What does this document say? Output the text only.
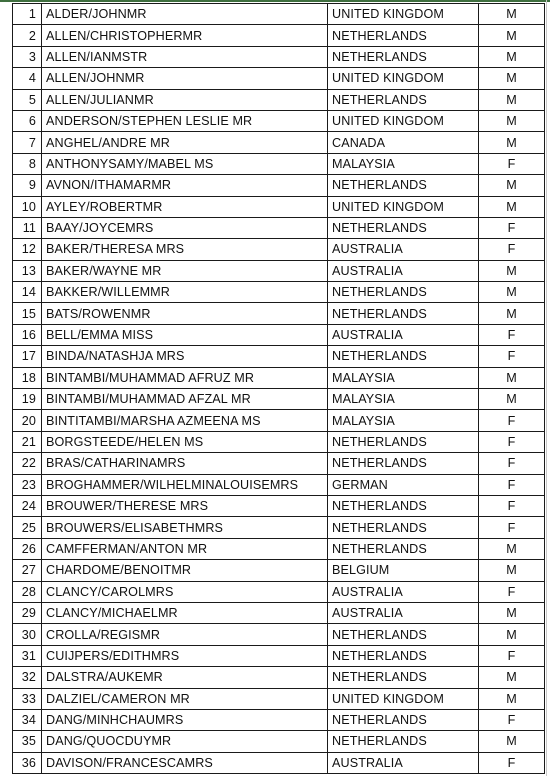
1	ALDER/JOHNMR	UNITED KINGDOM	M
2	ALLEN/CHRISTOPHERMR	NETHERLANDS	M
3	ALLEN/IANMSTR	NETHERLANDS	M
4	ALLEN/JOHNMR	UNITED KINGDOM	M
5	ALLEN/JULIANMR	NETHERLANDS	M
6	ANDERSON/STEPHEN LESLIE MR	UNITED KINGDOM	M
7	ANGHEL/ANDRE MR	CANADA	M
8	ANTHONYSAMY/MABEL MS	MALAYSIA	F
9	AVNON/ITHAMARMR	NETHERLANDS	M
10	AYLEY/ROBERTMR	UNITED KINGDOM	M
11	BAAY/JOYCEMRS	NETHERLANDS	F
12	BAKER/THERESA MRS	AUSTRALIA	F
13	BAKER/WAYNE MR	AUSTRALIA	M
14	BAKKER/WILLEMMR	NETHERLANDS	M
15	BATS/ROWENMR	NETHERLANDS	M
16	BELL/EMMA MISS	AUSTRALIA	F
17	BINDA/NATASHJA MRS	NETHERLANDS	F
18	BINTAMBI/MUHAMMAD AFRUZ MR	MALAYSIA	M
19	BINTAMBI/MUHAMMAD AFZAL MR	MALAYSIA	M
20	BINTITAMBI/MARSHA AZMEENA MS	MALAYSIA	F
21	BORGSTEEDE/HELEN MS	NETHERLANDS	F
22	BRAS/CATHARINAMRS	NETHERLANDS	F
23	BROGHAMMER/WILHELMINALOUISEMRS	GERMAN	F
24	BROUWER/THERESE MRS	NETHERLANDS	F
25	BROUWERS/ELISABETHMRS	NETHERLANDS	F
26	CAMFFERMAN/ANTON MR	NETHERLANDS	M
27	CHARDOME/BENOITMR	BELGIUM	M
28	CLANCY/CAROLMRS	AUSTRALIA	F
29	CLANCY/MICHAELMR	AUSTRALIA	M
30	CROLLA/REGISMR	NETHERLANDS	M
31	CUIJPERS/EDITHMRS	NETHERLANDS	F
32	DALSTRA/AUKEMR	NETHERLANDS	M
33	DALZIEL/CAMERON MR	UNITED KINGDOM	M
34	DANG/MINHCHAUMRS	NETHERLANDS	F
35	DANG/QUOCDUYMR	NETHERLANDS	M
36	DAVISON/FRANCESCAMRS	AUSTRALIA	F
